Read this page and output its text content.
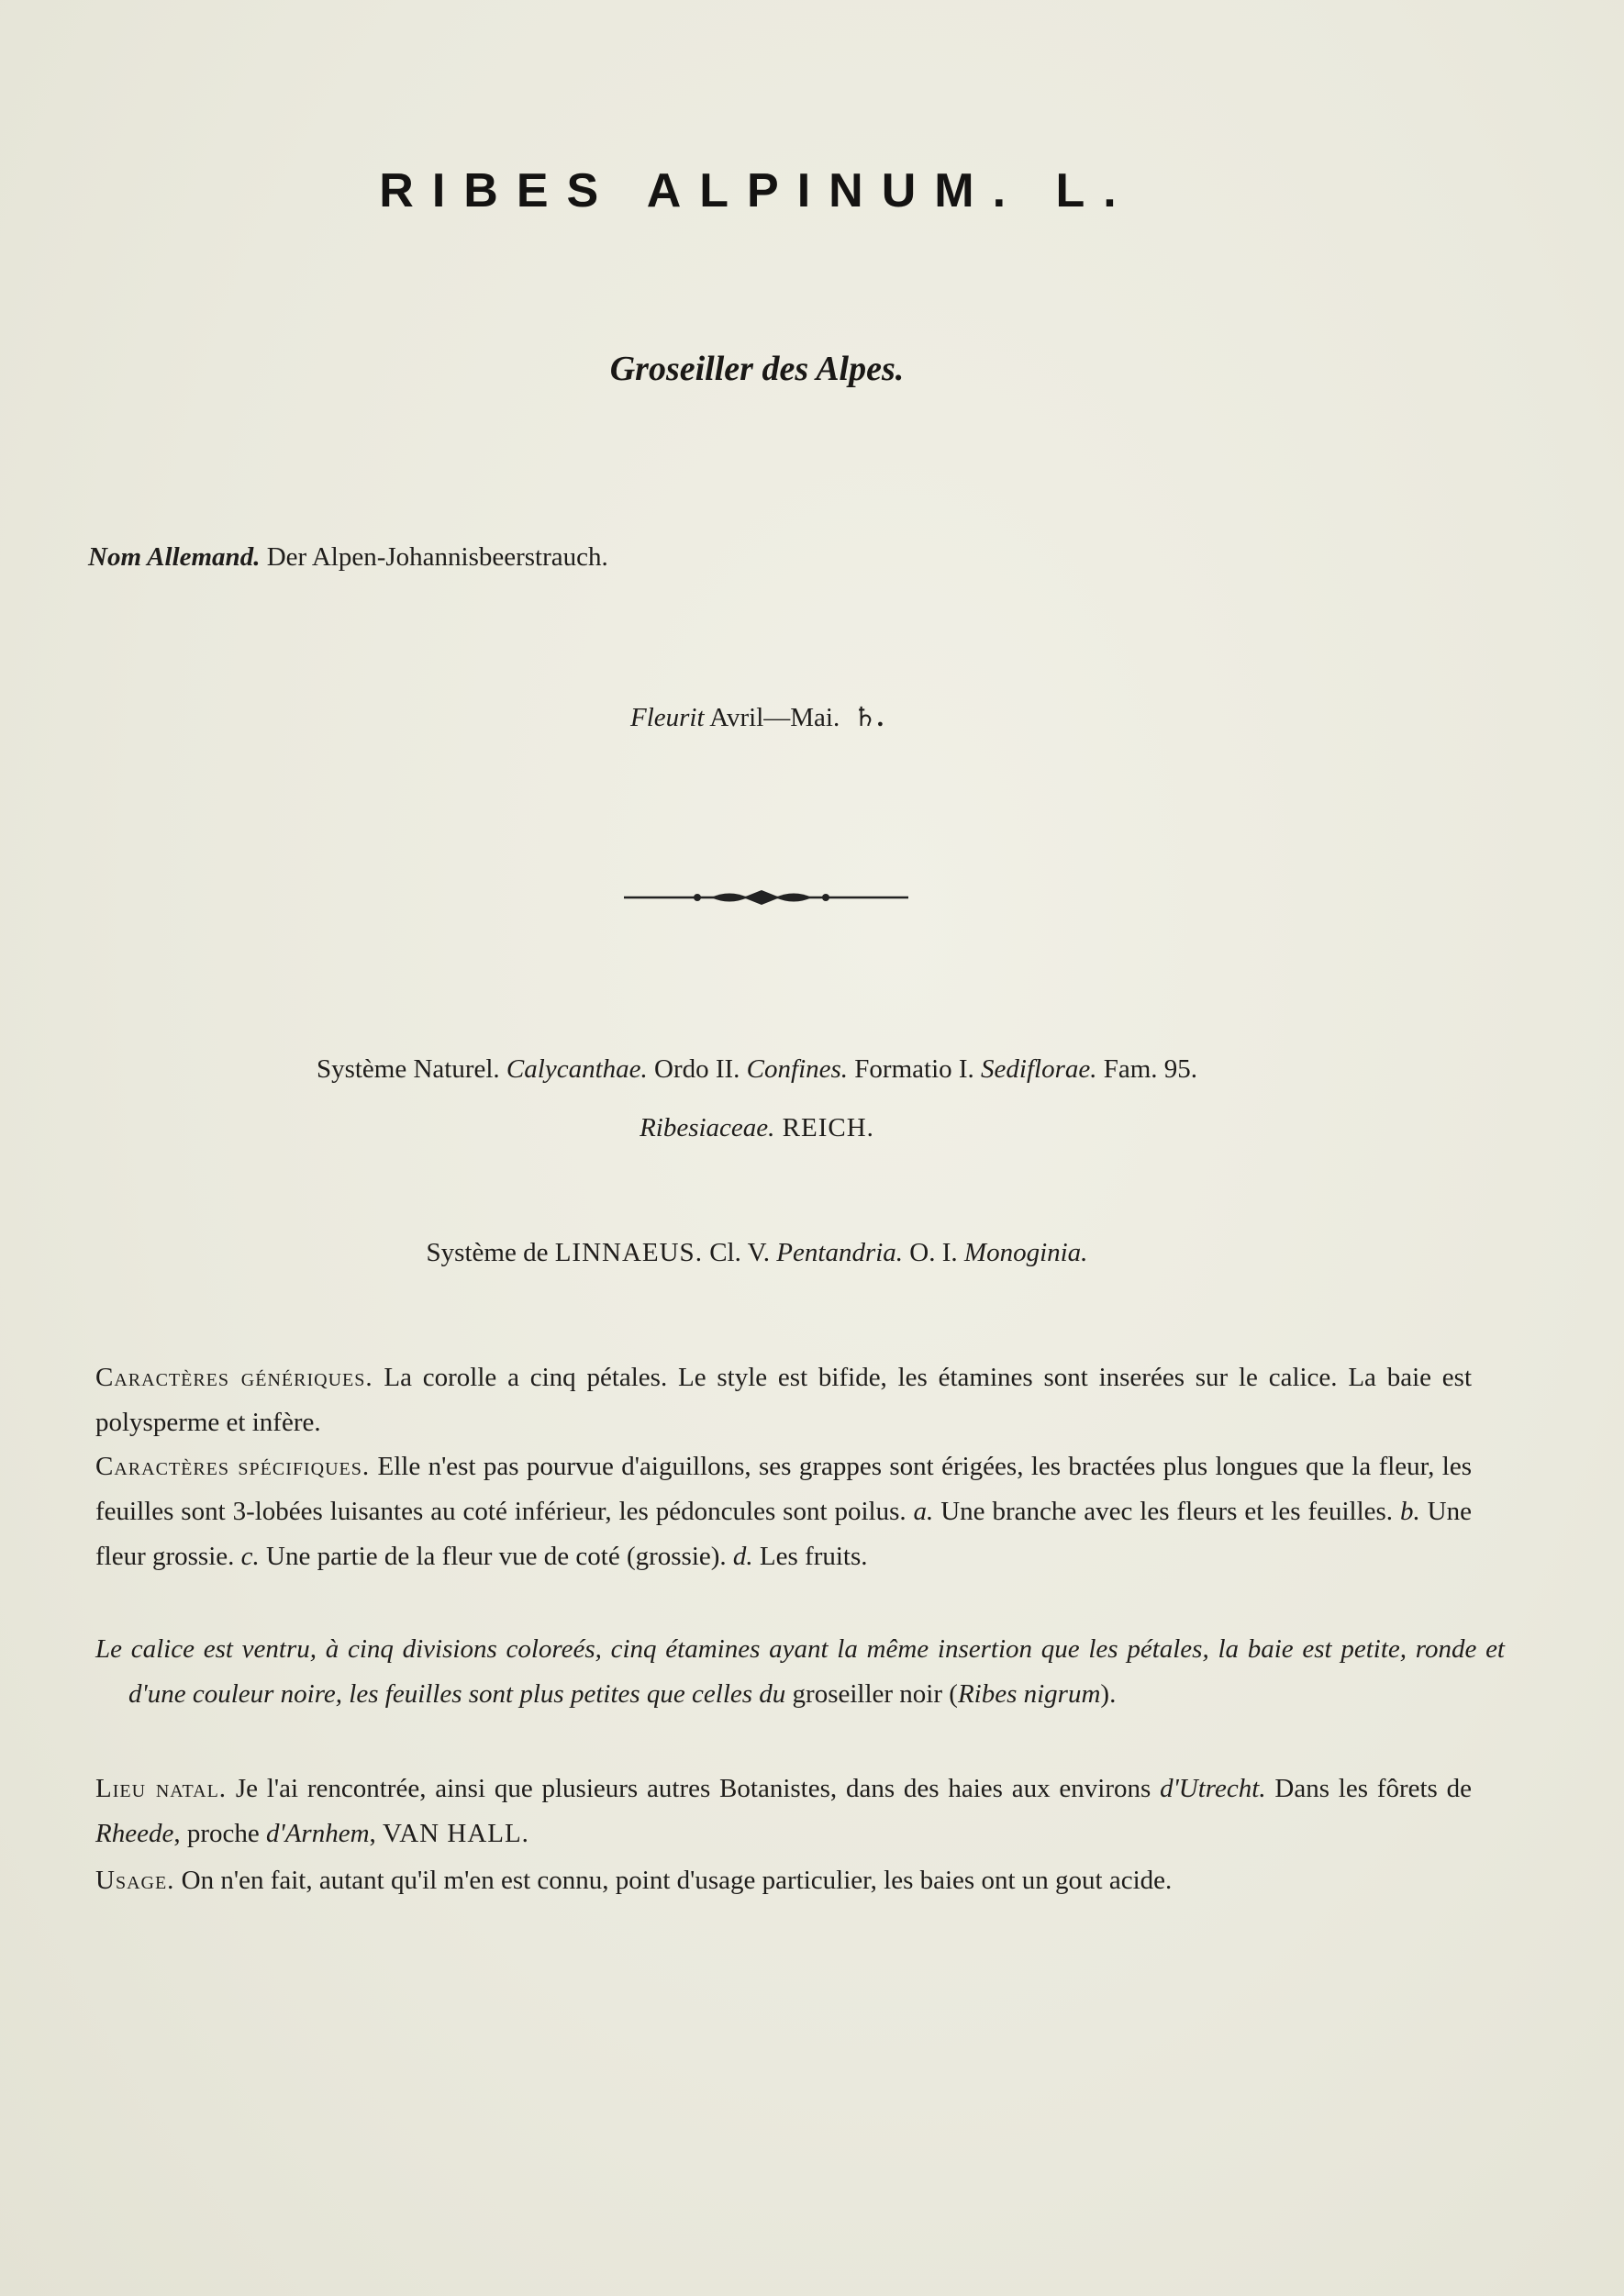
RIBES ALPINUM. L.
Groseiller des Alpes.
Nom Allemand. Der Alpen-Johannisbeerstrauch.
Fleurit Avril—Mai. ♄.
Système Naturel. Calycanthae. Ordo II. Confines. Formatio I. Sediflorae. Fam. 95.
Ribesiaceae. REICH.
Système de LINNAEUS. Cl. V. Pentandria. O. I. Monoginia.
Caractères génériques. La corolle a cinq pétales. Le style est bifide, les étamines sont inserées sur le calice. La baie est polysperme et infère.
Caractères spécifiques. Elle n'est pas pourvue d'aiguillons, ses grappes sont érigées, les bractées plus longues que la fleur, les feuilles sont 3-lobées luisantes au coté inférieur, les pédoncules sont poilus. a. Une branche avec les fleurs et les feuilles. b. Une fleur grossie. c. Une partie de la fleur vue de coté (grossie). d. Les fruits.
Le calice est ventru, à cinq divisions coloreés, cinq étamines ayant la même insertion que les pétales, la baie est petite, ronde et d'une couleur noire, les feuilles sont plus petites que celles du groseiller noir (Ribes nigrum).
Lieu natal. Je l'ai rencontrée, ainsi que plusieurs autres Botanistes, dans des haies aux environs d'Utrecht. Dans les fôrets de Rheede, proche d'Arnhem, VAN HALL.
Usage. On n'en fait, autant qu'il m'en est connu, point d'usage particulier, les baies ont un gout acide.
